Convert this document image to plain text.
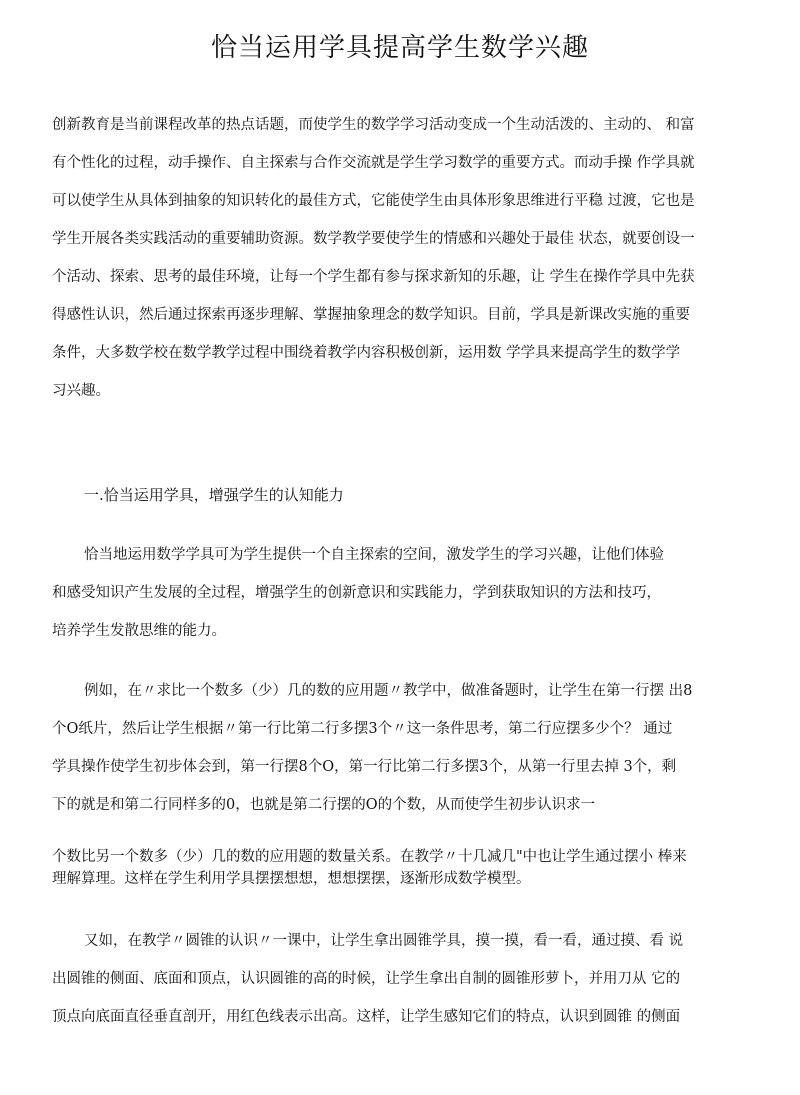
恰当运用学具提高学生数学兴趣
创新教育是当前课程改革的热点话题，而使学生的数学学习活动变成一个生动活泼的、主动的、 和富
有个性化的过程，动手操作、自主探索与合作交流就是学生学习数学的重要方式。而动手操 作学具就
可以使学生从具体到抽象的知识转化的最佳方式，它能使学生由具体形象思维进行平稳 过渡，它也是
学生开展各类实践活动的重要辅助资源。数学教学要使学生的情感和兴趣处于最佳 状态，就要创设一
个活动、探索、思考的最佳环境，让每一个学生都有参与探求新知的乐趣，让 学生在操作学具中先获
得感性认识，然后通过探索再逐步理解、掌握抽象理念的数学知识。目前，学具是新课改实施的重要
条件，大多数学校在数学教学过程中围绕着教学内容积极创新，运用数 学学具来提高学生的数学学
习兴趣。
一.恰当运用学具，增强学生的认知能力
恰当地运用数学学具可为学生提供一个自主探索的空间，激发学生的学习兴趣，让他们体验
和感受知识产生发展的全过程，增强学生的创新意识和实践能力，学到获取知识的方法和技巧，
培养学生发散思维的能力。
例如，在〃求比一个数多（少）几的数的应用题〃教学中，做准备题时，让学生在第一行摆 出8
个O纸片，然后让学生根据〃第一行比第二行多摆3个〃这一条件思考，第二行应摆多少个？ 通过
学具操作使学生初步体会到，第一行摆8个O，第一行比第二行多摆3个，从第一行里去掉 3个，剩
下的就是和第二行同样多的0，也就是第二行摆的O的个数，从而使学生初步认识求一
个数比另一个数多（少）几的数的应用题的数量关系。在教学〃十几减几"中也让学生通过摆小 棒来
理解算理。这样在学生利用学具摆摆想想，想想摆摆，逐渐形成数学模型。
又如，在教学〃圆锥的认识〃一课中，让学生拿出圆锥学具，摸一摸，看一看，通过摸、看 说
出圆锥的侧面、底面和顶点，认识圆锥的高的时候，让学生拿出自制的圆锥形萝卜，并用刀从 它的
顶点向底面直径垂直剖开，用红色线表示出高。这样，让学生感知它们的特点，认识到圆锥 的侧面
